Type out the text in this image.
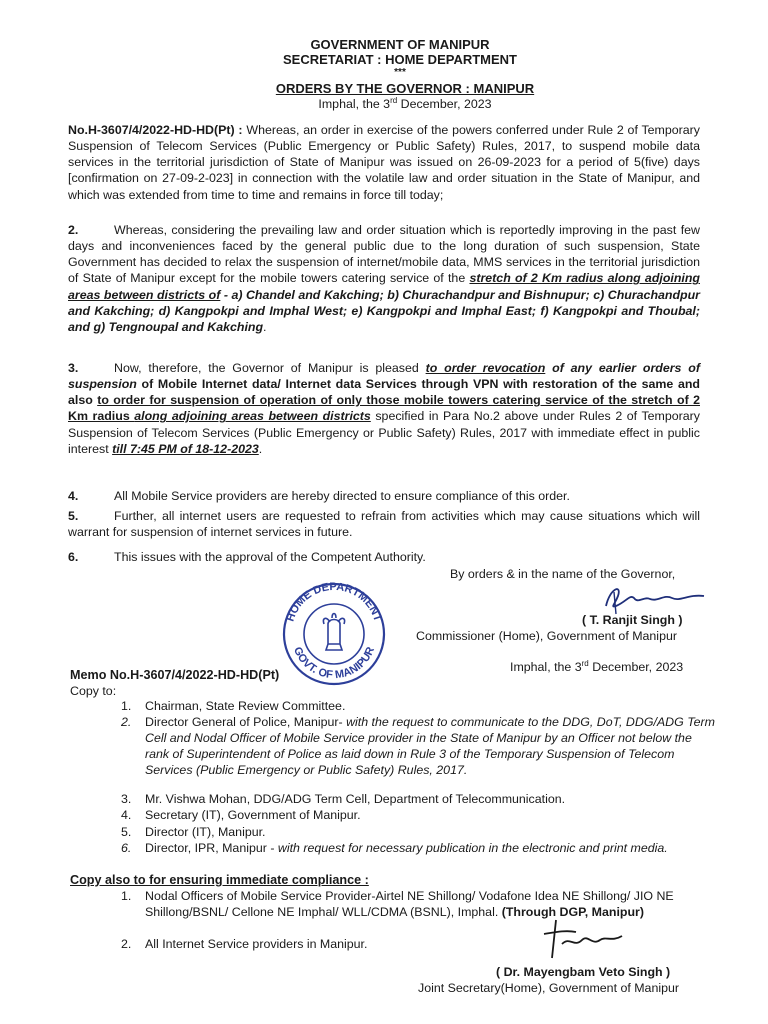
GOVERNMENT OF MANIPUR
SECRETARIAT : HOME DEPARTMENT
***
ORDERS BY THE GOVERNOR : MANIPUR
Imphal, the 3rd December, 2023
No.H-3607/4/2022-HD-HD(Pt) : Whereas, an order in exercise of the powers conferred under Rule 2 of Temporary Suspension of Telecom Services (Public Emergency or Public Safety) Rules, 2017, to suspend mobile data services in the territorial jurisdiction of State of Manipur was issued on 26-09-2023 for a period of 5(five) days [confirmation on 27-09-2-023] in connection with the volatile law and order situation in the State of Manipur, and which was extended from time to time and remains in force till today;
2.	Whereas, considering the prevailing law and order situation which is reportedly improving in the past few days and inconveniences faced by the general public due to the long duration of such suspension, State Government has decided to relax the suspension of internet/mobile data, MMS services in the territorial jurisdiction of State of Manipur except for the mobile towers catering service of the stretch of 2 Km radius along adjoining areas between districts of - a) Chandel and Kakching; b) Churachandpur and Bishnupur; c) Churachandpur and Kakching; d) Kangpokpi and Imphal West; e) Kangpokpi and Imphal East; f) Kangpokpi and Thoubal; and g) Tengnoupal and Kakching.
3.	Now, therefore, the Governor of Manipur is pleased to order revocation of any earlier orders of suspension of Mobile Internet data/ Internet data Services through VPN with restoration of the same and also to order for suspension of operation of only those mobile towers catering service of the stretch of 2 Km radius along adjoining areas between districts specified in Para No.2 above under Rules 2 of Temporary Suspension of Telecom Services (Public Emergency or Public Safety) Rules, 2017 with immediate effect in public interest till 7:45 PM of 18-12-2023.
4.	All Mobile Service providers are hereby directed to ensure compliance of this order.
5.	Further, all internet users are requested to refrain from activities which may cause situations which will warrant for suspension of internet services in future.
6.	This issues with the approval of the Competent Authority.
By orders & in the name of the Governor,
( T. Ranjit Singh )
Commissioner (Home), Government of Manipur
HOME DEPARTMENT
GOVT. OF MANIPUR
Memo No.H-3607/4/2022-HD-HD(Pt)
Imphal, the 3rd December, 2023
Copy to:
1. Chairman, State Review Committee.
2. Director General of Police, Manipur- with the request to communicate to the DDG, DoT, DDG/ADG Term Cell and Nodal Officer of Mobile Service provider in the State of Manipur by an Officer not below the rank of Superintendent of Police as laid down in Rule 3 of the Temporary Suspension of Telecom Services (Public Emergency or Public Safety) Rules, 2017.
3. Mr. Vishwa Mohan, DDG/ADG Term Cell, Department of Telecommunication.
4. Secretary (IT), Government of Manipur.
5. Director (IT), Manipur.
6. Director, IPR, Manipur - with request for necessary publication in the electronic and print media.
Copy also to for ensuring immediate compliance :
1. Nodal Officers of Mobile Service Provider-Airtel NE Shillong/ Vodafone Idea NE Shillong/ JIO NE Shillong/BSNL/ Cellone NE Imphal/ WLL/CDMA (BSNL), Imphal. (Through DGP, Manipur)
2. All Internet Service providers in Manipur.
( Dr. Mayengbam Veto Singh )
Joint Secretary(Home), Government of Manipur
